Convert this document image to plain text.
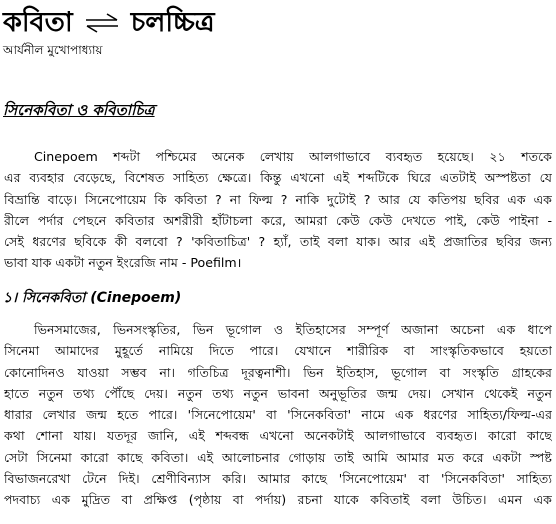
কবিতা ⇌ চলচ্চিত্র
আর্যনীল মুখোপাধ্যায়
সিনেকবিতা ও কবিতাচিত্র
Cinepoem শব্দটা পশ্চিমের অনেক লেখায় আলগাভাবে ব্যবহৃত হয়েছে। ২১ শতকে
এর ব্যবহার বেড়েছে, বিশেষত সাহিত্য ক্ষেত্রে। কিন্তু এখনো এই শব্দটিকে ঘিরে এতটাই অস্পষ্টতা যে
বিভ্রান্তি বাড়ে। সিনেপোয়েম কি কবিতা ? না ফিল্ম ? নাকি দুটোই ? আর যে কতিপয় ছবির এক এক
রীলে পর্দার পেছনে কবিতার অশরীরী হাঁটাচলা করে, আমরা কেউ কেউ দেখতে পাই, কেউ পাইনা -
সেই ধরণের ছবিকে কী বলবো ? 'কবিতাচিত্র' ? হ্যাঁ, তাই বলা যাক। আর এই প্রজাতির ছবির জন্য
ভাবা যাক একটা নতুন ইংরেজি নাম - Poefilm।
১। সিনেকবিতা (Cinepoem)
ভিনসমাজের, ভিনসংস্কৃতির, ভিন ভূগোল ও ইতিহাসের সম্পূর্ণ অজানা অচেনা এক ধাপে
সিনেমা আমাদের মুহূর্তে নামিয়ে দিতে পারে। যেখানে শারীরিক বা সাংস্কৃতিকভাবে হয়তো
কোনোদিনও যাওয়া সম্ভব না। গতিচিত্র দূরত্বনাশী। ভিন ইতিহাস, ভূগোল বা সংস্কৃতি গ্রাহকের
হাতে নতুন তথ্য পৌঁছে দেয়। নতুন তথ্য নতুন ভাবনা অনুভূতির জন্ম দেয়। সেখান থেকেই নতুন
ধারার লেখার জন্ম হতে পারে। 'সিনেপোয়েম' বা 'সিনেকবিতা' নামে এক ধরণের সাহিত্য/ফিল্ম-এর
কথা শোনা যায়। যতদূর জানি, এই শব্দবন্ধ এখনো অনেকটাই আলগাভাবে ব্যবহৃত। কারো কাছে
সেটা সিনেমা কারো কাছে কবিতা। এই আলোচনার গোড়ায় তাই আমি আমার মত করে একটা স্পষ্ট
বিভাজনরেখা টেনে দিই। শ্রেণীবিন্যাস করি। আমার কাছে 'সিনেপোয়েম' বা 'সিনেকবিতা' সাহিত্য
পদবাচ্য এক মুদ্রিত বা প্রক্ষিপ্ত (পৃষ্ঠায় বা পর্দায়) রচনা যাকে কবিতাই বলা উচিত। এমন এক
